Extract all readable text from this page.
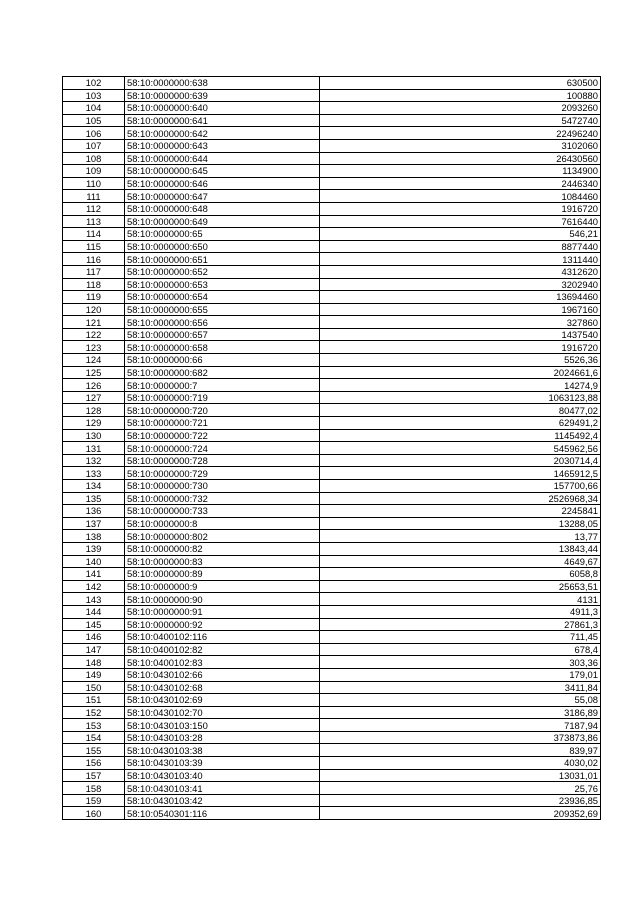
102	58:10:0000000:638	630500
103	58:10:0000000:639	100880
104	58:10:0000000:640	2093260
105	58:10:0000000:641	5472740
106	58:10:0000000:642	22496240
107	58:10:0000000:643	3102060
108	58:10:0000000:644	26430560
109	58:10:0000000:645	1134900
110	58:10:0000000:646	2446340
111	58:10:0000000:647	1084460
112	58:10:0000000:648	1916720
113	58:10:0000000:649	7616440
114	58:10:0000000:65	546,21
115	58:10:0000000:650	8877440
116	58:10:0000000:651	1311440
117	58:10:0000000:652	4312620
118	58:10:0000000:653	3202940
119	58:10:0000000:654	13694460
120	58:10:0000000:655	1967160
121	58:10:0000000:656	327860
122	58:10:0000000:657	1437540
123	58:10:0000000:658	1916720
124	58:10:0000000:66	5526,36
125	58:10:0000000:682	2024661,6
126	58:10:0000000:7	14274,9
127	58:10:0000000:719	1063123,88
128	58:10:0000000:720	80477,02
129	58:10:0000000:721	629491,2
130	58:10:0000000:722	1145492,4
131	58:10:0000000:724	545962,56
132	58:10:0000000:728	2030714,4
133	58:10:0000000:729	1465912,5
134	58:10:0000000:730	157700,66
135	58:10:0000000:732	2526968,34
136	58:10:0000000:733	2245841
137	58:10:0000000:8	13288,05
138	58:10:0000000:802	13,77
139	58:10:0000000:82	13843,44
140	58:10:0000000:83	4649,67
141	58:10:0000000:89	6058,8
142	58:10:0000000:9	25653,51
143	58:10:0000000:90	4131
144	58:10:0000000:91	4911,3
145	58:10:0000000:92	27861,3
146	58:10:0400102:116	711,45
147	58:10:0400102:82	678,4
148	58:10:0400102:83	303,36
149	58:10:0430102:66	179,01
150	58:10:0430102:68	3411,84
151	58:10:0430102:69	55,08
152	58:10:0430102:70	3186,89
153	58:10:0430103:150	7187,94
154	58:10:0430103:28	373873,86
155	58:10:0430103:38	839,97
156	58:10:0430103:39	4030,02
157	58:10:0430103:40	13031,01
158	58:10:0430103:41	25,76
159	58:10:0430103:42	23936,85
160	58:10:0540301:116	209352,69
